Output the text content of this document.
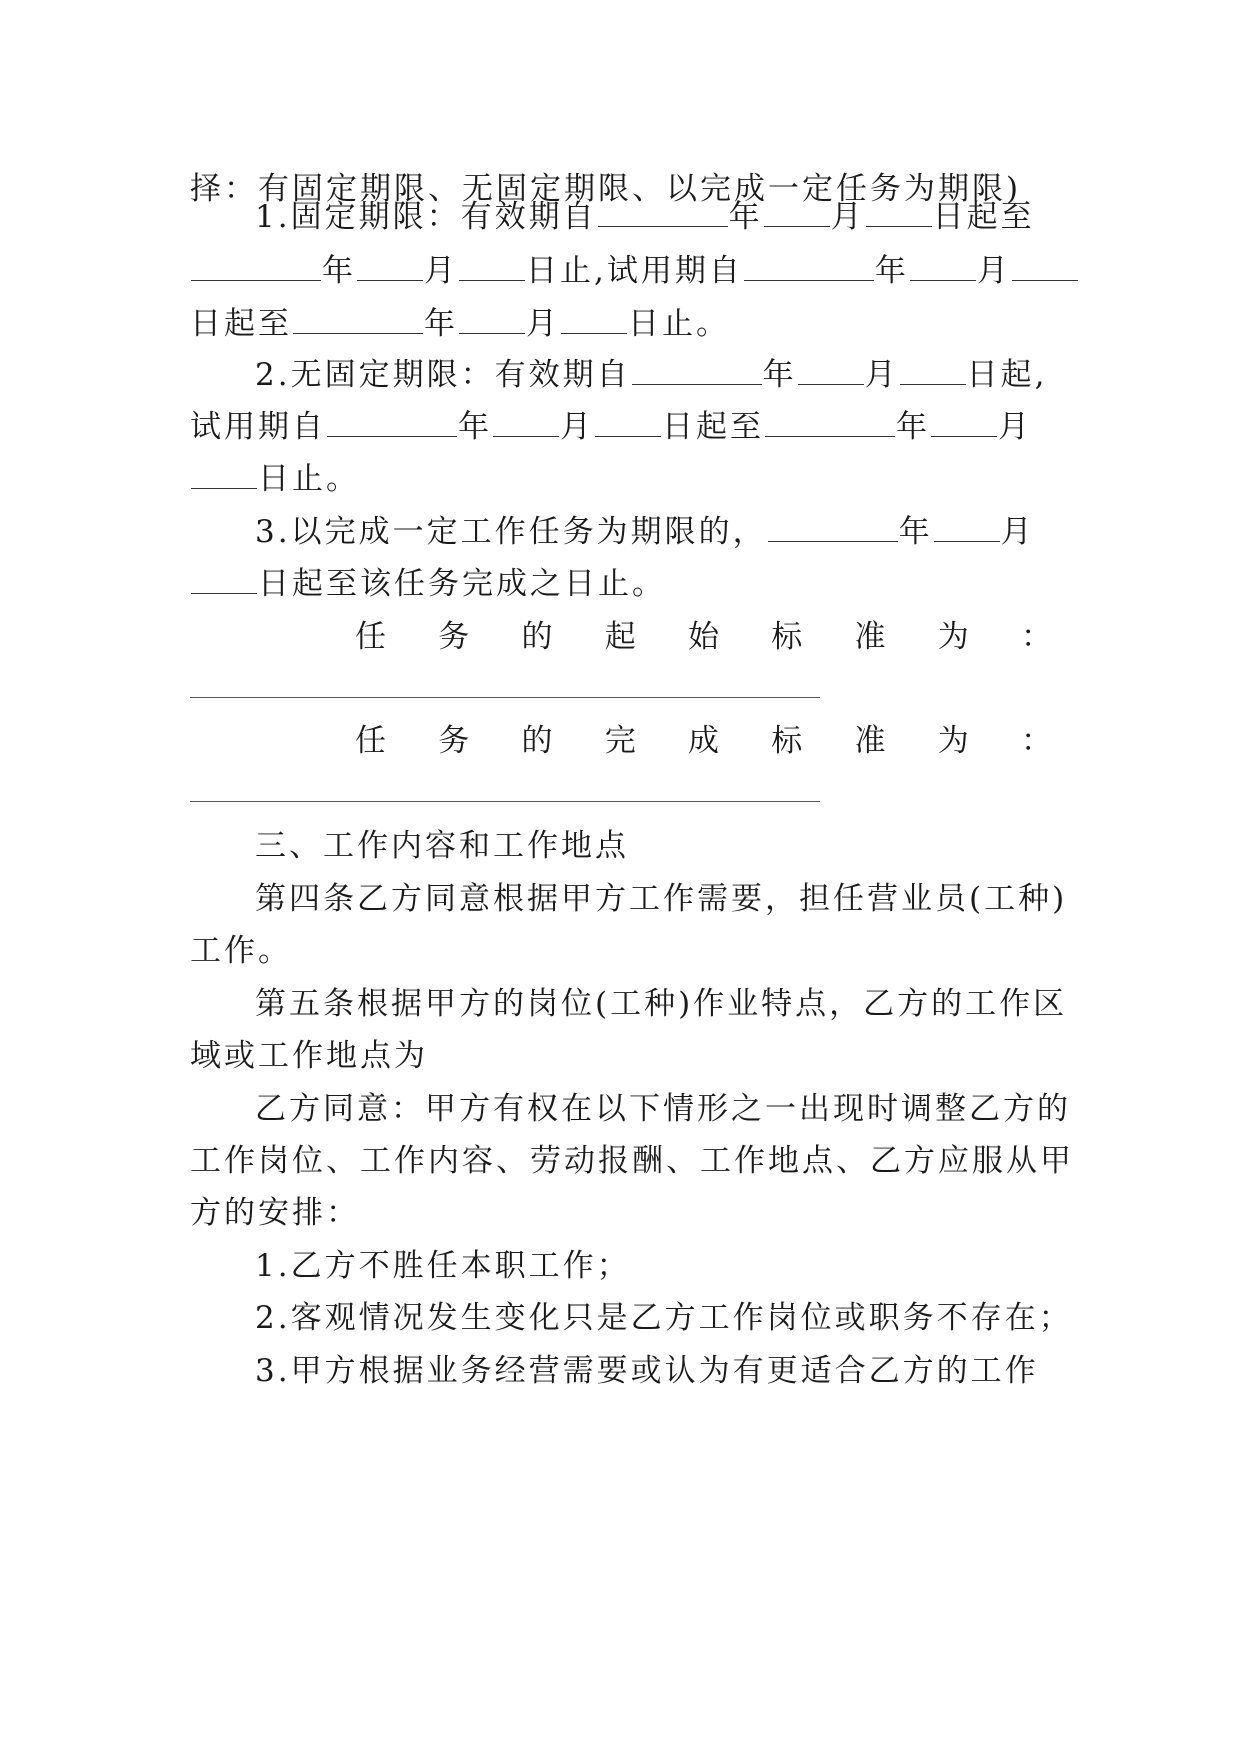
择：有固定期限、无固定期限、以完成一定任务为期限)
1.固定期限：有效期自	年 月 日起至
年 月 日止,试用期自	年 月
日起至	年 月 日止。
2.无固定期限：有效期自	年 月 日起,
试用期自	年 月 日起至	年 月
日止。
3.以完成一定工作任务为期限的，	年 月
日起至该任务完成之日止。
任 务 的 起 始 标 准 为 ：
任 务 的 完 成 标 准 为 ：
三、工作内容和工作地点
第四条乙方同意根据甲方工作需要，担任营业员(工种)
工作。
第五条根据甲方的岗位(工种)作业特点，乙方的工作区
域或工作地点为
乙方同意：甲方有权在以下情形之一出现时调整乙方的
工作岗位、工作内容、劳动报酬、工作地点、乙方应服从甲
方的安排：
1.乙方不胜任本职工作；
2.客观情况发生变化只是乙方工作岗位或职务不存在；
3.甲方根据业务经营需要或认为有更适合乙方的工作
